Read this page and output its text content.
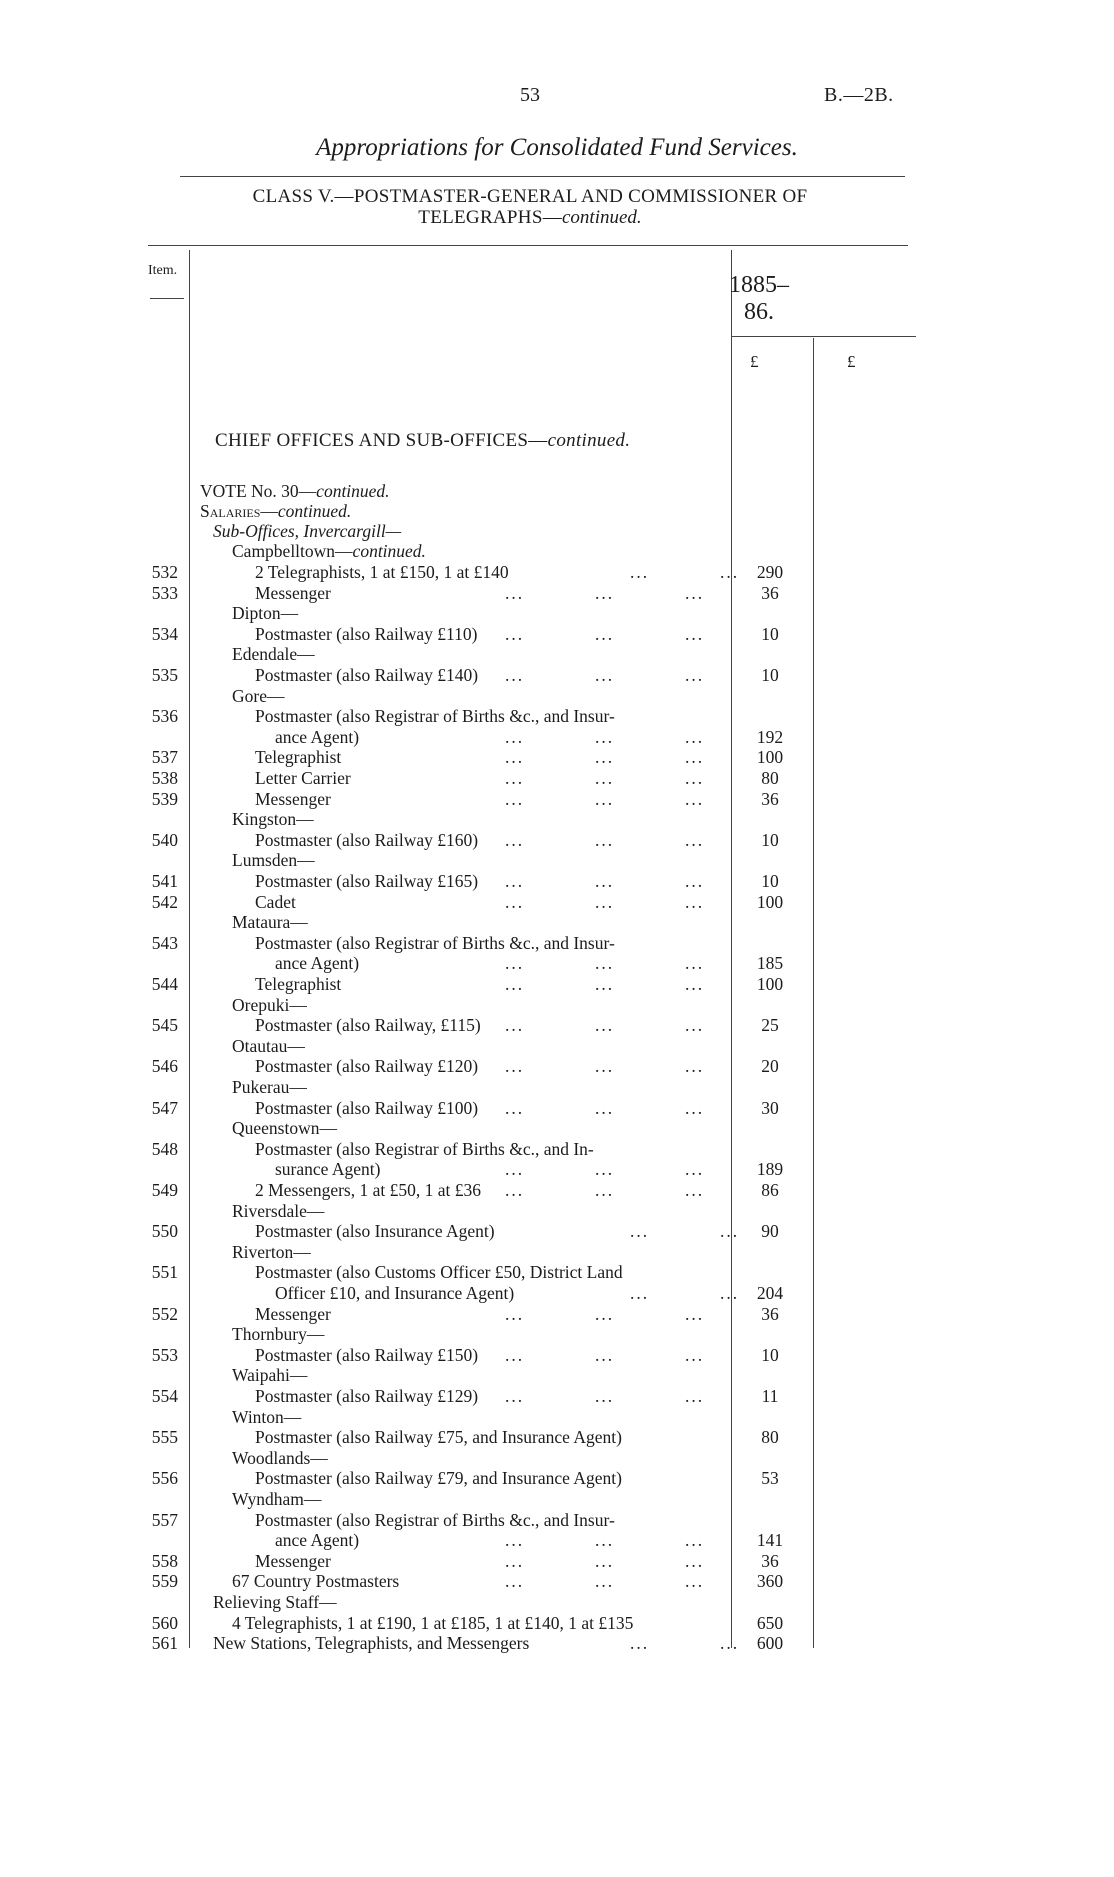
53	B.—2B.
Appropriations for Consolidated Fund Services.
CLASS V.—POSTMASTER-GENERAL AND COMMISSIONER OF
TELEGRAPHS—continued.
Item.
1885–86.
£	£
CHIEF OFFICES AND SUB-OFFICES—continued.
VOTE No. 30—continued.
Salaries—continued.
Sub-Offices, Invercargill—
Campbelltown—continued.
532	2 Telegraphists, 1 at £150, 1 at £140	...	...	290
533	Messenger	...	...	...	36
Dipton—
534	Postmaster (also Railway £110) ...	...	...	10
Edendale—
535	Postmaster (also Railway £140) ...	...	...	10
Gore—
536	Postmaster (also Registrar of Births &c., and Insur-
ance Agent)	...	...	...	192
537	Telegraphist	...	...	...	100
538	Letter Carrier	...	...	...	80
539	Messenger	...	...	...	36
Kingston—
540	Postmaster (also Railway £160) ...	...	...	10
Lumsden—
541	Postmaster (also Railway £165) ...	...	...	10
542	Cadet	...	...	...	100
Mataura—
543	Postmaster (also Registrar of Births &c., and Insur-
ance Agent)	...	...	...	185
544	Telegraphist	...	...	...	100
Orepuki—
545	Postmaster (also Railway, £115) ...	...	...	25
Otautau—
546	Postmaster (also Railway £120) ...	...	...	20
Pukerau—
547	Postmaster (also Railway £100) ...	...	...	30
Queenstown—
548	Postmaster (also Registrar of Births &c., and In-
surance Agent)	...	...	...	189
549	2 Messengers, 1 at £50, 1 at £36 ...	...	...	86
Riversdale—
550	Postmaster (also Insurance Agent)	...	...	90
Riverton—
551	Postmaster (also Customs Officer £50, District Land
Officer £10, and Insurance Agent)	...	...	204
552	Messenger	...	...	...	36
Thornbury—
553	Postmaster (also Railway £150) ...	...	...	10
Waipahi—
554	Postmaster (also Railway £129) ...	...	...	11
Winton—
555	Postmaster (also Railway £75, and Insurance Agent)	80
Woodlands—
556	Postmaster (also Railway £79, and Insurance Agent)	53
Wyndham—
557	Postmaster (also Registrar of Births &c., and Insur-
ance Agent)	...	...	...	141
558	Messenger	...	...	...	36
559	67 Country Postmasters	...	...	...	360
Relieving Staff—
560	4 Telegraphists, 1 at £190, 1 at £185, 1 at £140, 1 at £135	650
561 New Stations, Telegraphists, and Messengers	...	...	600
